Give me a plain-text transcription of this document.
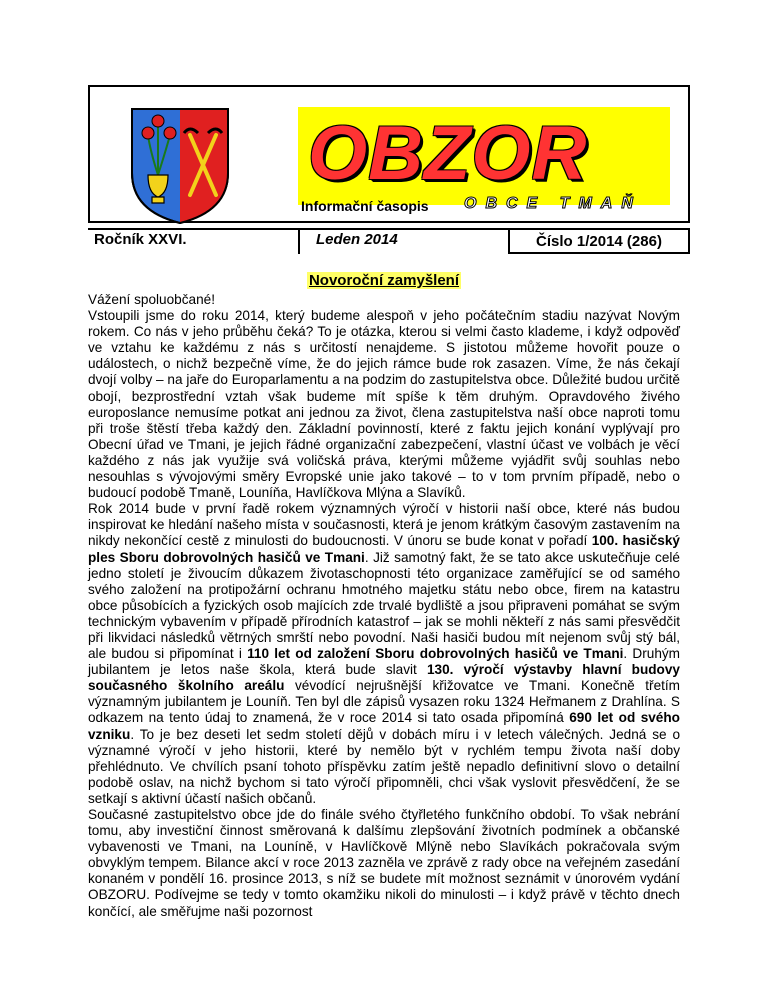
OBZOR
Informační časopis OBCE TMAŇ
Ročník XXVI.	Leden 2014	Číslo 1/2014 (286)
Novoroční zamyšlení

Vážení spoluobčané!

Vstoupili jsme do roku 2014, který budeme alespoň v jeho počátečním stadiu nazývat Novým rokem. Co nás v jeho průběhu čeká? To je otázka, kterou si velmi často klademe, i když odpověď ve vztahu ke každému z nás s určitostí nenajdeme. S jistotou můžeme hovořit pouze o událostech, o nichž bezpečně víme, že do jejich rámce bude rok zasazen. Víme, že nás čekají dvojí volby – na jaře do Europarlamentu a na podzim do zastupitelstva obce. Důležité budou určitě obojí, bezprostřední vztah však budeme mít spíše k těm druhým. Opravdového živého europoslance nemusíme potkat ani jednou za život, člena zastupitelstva naší obce naproti tomu při troše štěstí třeba každý den. Základní povinností, které z faktu jejich konání vyplývají pro Obecní úřad ve Tmani, je jejich řádné organizační zabezpečení, vlastní účast ve volbách je věcí každého z nás jak využije svá voličská práva, kterými můžeme vyjádřit svůj souhlas nebo nesouhlas s vývojovými směry Evropské unie jako takové – to v tom prvním případě, nebo o budoucí podobě Tmaně, Louníňa, Havlíčkova Mlýna a Slavíků.

Rok 2014 bude v první řadě rokem významných výročí v historii naší obce, které nás budou inspirovat ke hledání našeho místa v současnosti, která je jenom krátkým časovým zastavením na nikdy nekončící cestě z minulosti do budoucnosti. V únoru se bude konat v pořadí 100. hasičský ples Sboru dobrovolných hasičů ve Tmani. Již samotný fakt, že se tato akce uskutečňuje celé jedno století je živoucím důkazem životaschopnosti této organizace zaměřující se od samého svého založení na protipožární ochranu hmotného majetku státu nebo obce, firem na katastru obce působících a fyzických osob majících zde trvalé bydliště a jsou připraveni pomáhat se svým technickým vybavením v případě přírodních katastrof – jak se mohli někteří z nás sami přesvědčit při likvidaci následků větrných smrští nebo povodní. Naši hasiči budou mít nejenom svůj stý bál, ale budou si připomínat i 110 let od založení Sboru dobrovolných hasičů ve Tmani. Druhým jubilantem je letos naše škola, která bude slavit 130. výročí výstavby hlavní budovy současného školního areálu vévodící nejrušnější křižovatce ve Tmani. Konečně třetím významným jubilantem je Louníň. Ten byl dle zápisů vysazen roku 1324 Heřmanem z Drahlína. S odkazem na tento údaj to znamená, že v roce 2014 si tato osada připomíná 690 let od svého vzniku. To je bez deseti let sedm století dějů v dobách míru i v letech válečných. Jedná se o významné výročí v jeho historii, které by nemělo být v rychlém tempu života naší doby přehlédnuto. Ve chvílích psaní tohoto příspěvku zatím ještě nepadlo definitivní slovo o detailní podobě oslav, na nichž bychom si tato výročí připomněli, chci však vyslovit přesvědčení, že se setkají s aktivní účastí našich občanů.

Současné zastupitelstvo obce jde do finále svého čtyřletého funkčního období. To však nebrání tomu, aby investiční činnost směrovaná k dalšímu zlepšování životních podmínek a občanské vybavenosti ve Tmani, na Louníně, v Havlíčkově Mlýně nebo Slavíkách pokračovala svým obvyklým tempem. Bilance akcí v roce 2013 zazněla ve zprávě z rady obce na veřejném zasedání konaném v pondělí 16. prosince 2013, s níž se budete mít možnost seznámit v únorovém vydání OBZORU. Podívejme se tedy v tomto okamžiku nikoli do minulosti – i když právě v těchto dnech končící, ale směřujme naši pozornost
